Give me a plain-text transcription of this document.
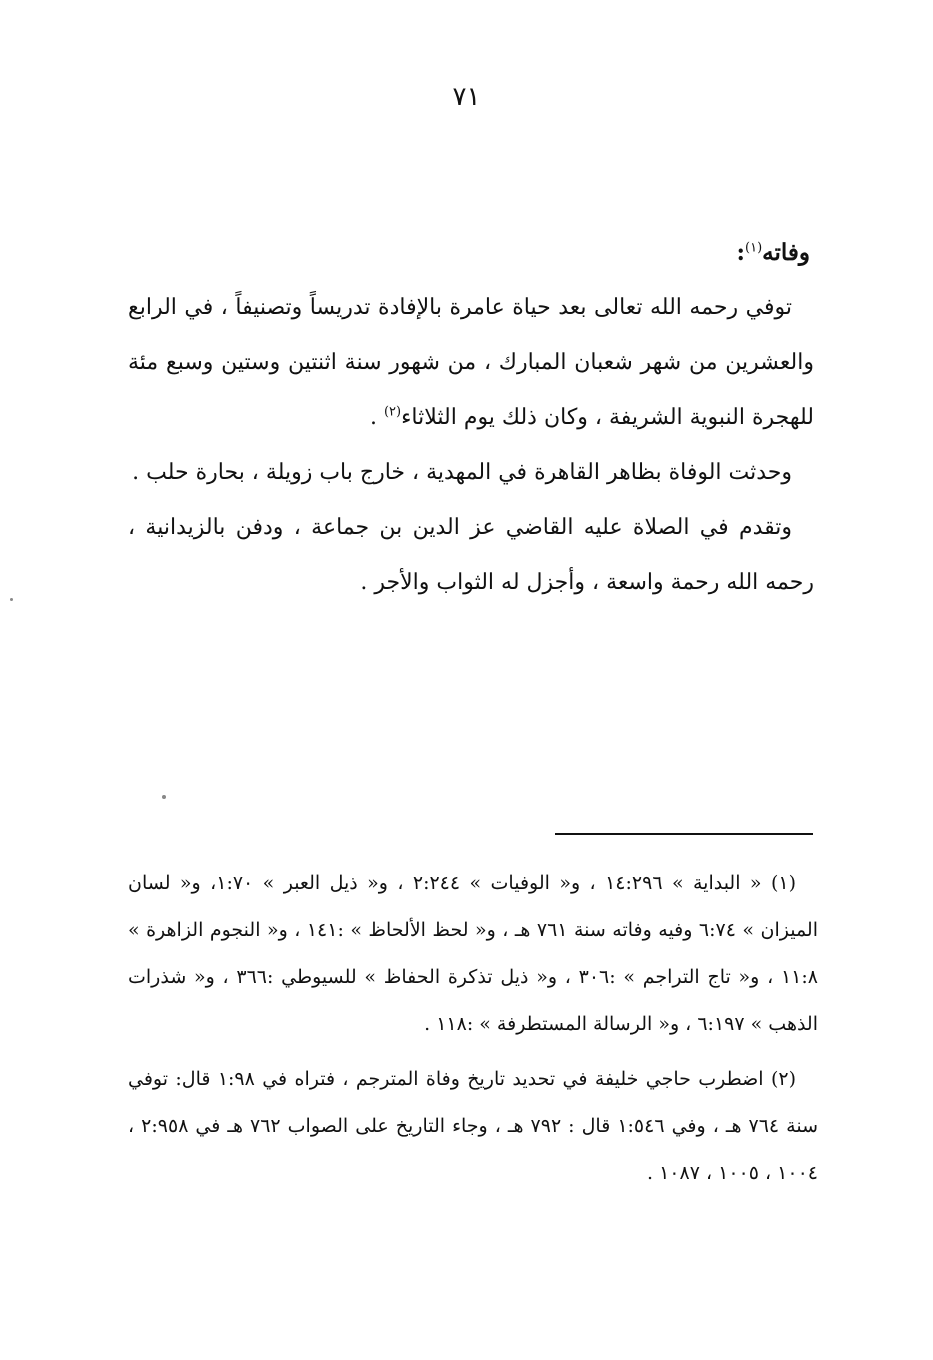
٧١

وفاته$^{(١)}$:

توفي رحمه الله تعالى بعد حياة عامرة بالإفادة تدريساً وتصنيفاً ، في الرابع والعشرين من شهر شعبان المبارك ، من شهور سنة اثنتين وستين وسبع مئة للهجرة النبوية الشريفة ، وكان ذلك يوم الثلاثاء$^{(٢)}$ .

وحدثت الوفاة بظاهر القاهرة في المهدية ، خارج باب زويلة ، بحارة حلب .

وتقدم في الصلاة عليه القاضي عز الدين بن جماعة ، ودفن بالزيدانية ، رحمه الله رحمة واسعة ، وأجزل له الثواب والأجر .

(١) « البداية » ١٤:٢٩٦ ، و« الوفيات » ٢:٢٤٤ ، و« ذيل العبر » ١:٧٠، و« لسان الميزان » ٦:٧٤ وفيه وفاته سنة ٧٦١ هـ ، و« لحظ الألحاظ » :١٤١ ، و« النجوم الزاهرة » ١١:٨ ، و« تاج التراجم » :٣٠٦ ، و« ذيل تذكرة الحفاظ » للسيوطي :٣٦٦ ، و« شذرات الذهب » ٦:١٩٧ ، و« الرسالة المستطرفة » :١١٨ .

(٢) اضطرب حاجي خليفة في تحديد تاريخ وفاة المترجم ، فتراه في ١:٩٨ قال: توفي سنة ٧٦٤ هـ ، وفي ١:٥٤٦ قال : ٧٩٢ هـ ، وجاء التاريخ على الصواب ٧٦٢ هـ في ٢:٩٥٨ ، ١٠٠٤ ، ١٠٠٥ ، ١٠٨٧ .
